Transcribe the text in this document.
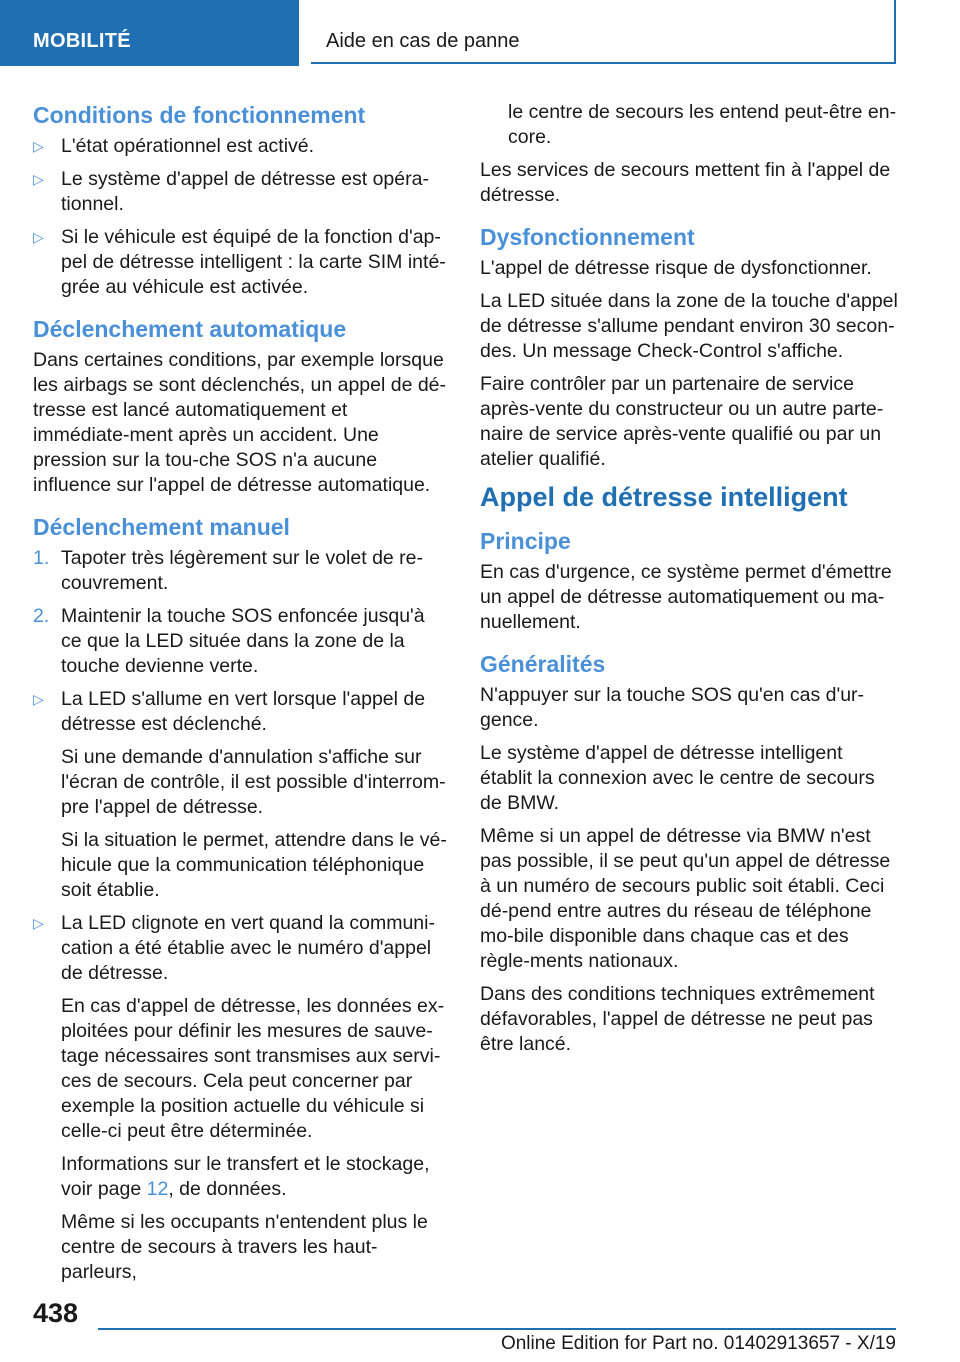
MOBILITÉ	Aide en cas de panne
Conditions de fonctionnement
▷ L'état opérationnel est activé.
▷ Le système d'appel de détresse est opéra-tionnel.
▷ Si le véhicule est équipé de la fonction d'ap-pel de détresse intelligent : la carte SIM inté-grée au véhicule est activée.
Déclenchement automatique

Dans certaines conditions, par exemple lorsque les airbags se sont déclenchés, un appel de dé-tresse est lancé automatiquement et immédiate-ment après un accident. Une pression sur la tou-che SOS n'a aucune influence sur l'appel de détresse automatique.

Déclenchement manuel
1. Tapoter très légèrement sur le volet de re-couvrement.
2. Maintenir la touche SOS enfoncée jusqu'à ce que la LED située dans la zone de la touche devienne verte.
▷ La LED s'allume en vert lorsque l'appel de détresse est déclenché.

Si une demande d'annulation s'affiche sur l'écran de contrôle, il est possible d'interrom-pre l'appel de détresse.

Si la situation le permet, attendre dans le vé-hicule que la communication téléphonique soit établie.

▷ La LED clignote en vert quand la communi-cation a été établie avec le numéro d'appel de détresse.

En cas d'appel de détresse, les données ex-ploitées pour définir les mesures de sauve-tage nécessaires sont transmises aux servi-ces de secours. Cela peut concerner par exemple la position actuelle du véhicule si celle-ci peut être déterminée.

Informations sur le transfert et le stockage, voir page 12, de données.

Même si les occupants n'entendent plus le centre de secours à travers les haut-parleurs,

le centre de secours les entend peut-être en-core.

Les services de secours mettent fin à l'appel de détresse.

Dysfonctionnement

L'appel de détresse risque de dysfonctionner.

La LED située dans la zone de la touche d'appel de détresse s'allume pendant environ 30 secon-des. Un message Check-Control s'affiche.

Faire contrôler par un partenaire de service après-vente du constructeur ou un autre parte-naire de service après-vente qualifié ou par un atelier qualifié.

Appel de détresse intelligent
Principe

En cas d'urgence, ce système permet d'émettre un appel de détresse automatiquement ou ma-nuellement.

Généralités

N'appuyer sur la touche SOS qu'en cas d'ur-gence.

Le système d'appel de détresse intelligent établit la connexion avec le centre de secours de BMW.

Même si un appel de détresse via BMW n'est pas possible, il se peut qu'un appel de détresse à un numéro de secours public soit établi. Ceci dé-pend entre autres du réseau de téléphone mo-bile disponible dans chaque cas et des règle-ments nationaux.

Dans des conditions techniques extrêmement défavorables, l'appel de détresse ne peut pas être lancé.

438
Online Edition for Part no. 01402913657 - X/19
